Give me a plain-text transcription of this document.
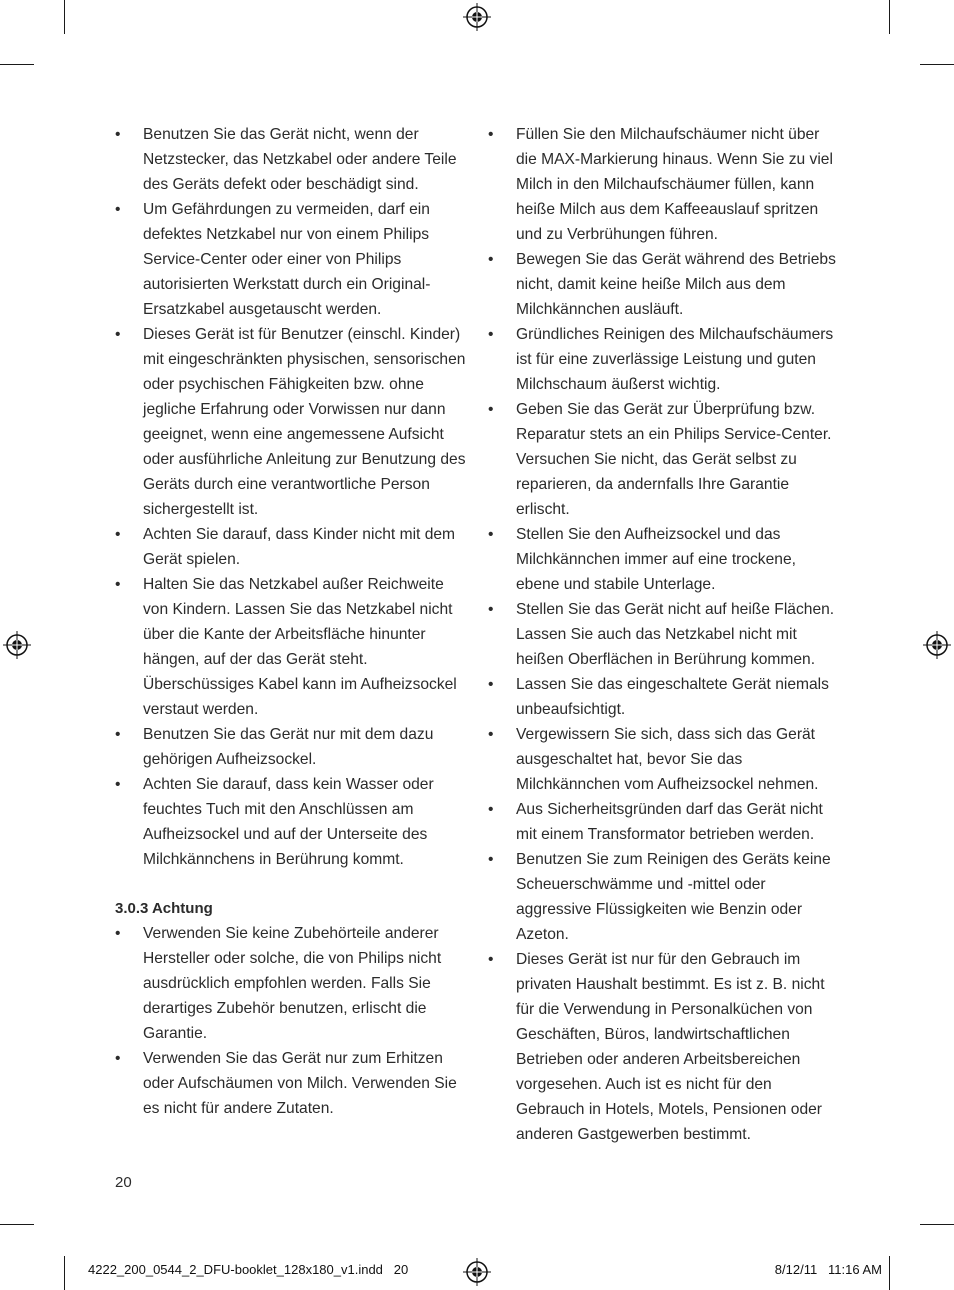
• Benutzen Sie das Gerät nicht, wenn der Netzstecker, das Netzkabel oder andere Teile des Geräts defekt oder beschädigt sind.
• Um Gefährdungen zu vermeiden, darf ein defektes Netzkabel nur von einem Philips Service-Center oder einer von Philips autorisierten Werkstatt durch ein Original-Ersatzkabel ausgetauscht werden.
• Dieses Gerät ist für Benutzer (einschl. Kinder) mit eingeschränkten physischen, sensorischen oder psychischen Fähigkeiten bzw. ohne jegliche Erfahrung oder Vorwissen nur dann geeignet, wenn eine angemessene Aufsicht oder ausführliche Anleitung zur Benutzung des Geräts durch eine verantwortliche Person sichergestellt ist.
• Achten Sie darauf, dass Kinder nicht mit dem Gerät spielen.
• Halten Sie das Netzkabel außer Reichweite von Kindern. Lassen Sie das Netzkabel nicht über die Kante der Arbeitsfläche hinunter hängen, auf der das Gerät steht. Überschüssiges Kabel kann im Aufheizsockel verstaut werden.
• Benutzen Sie das Gerät nur mit dem dazu gehörigen Aufheizsockel.
• Achten Sie darauf, dass kein Wasser oder feuchtes Tuch mit den Anschlüssen am Aufheizsockel und auf der Unterseite des Milchkännchens in Berührung kommt.
3.0.3 Achtung
• Verwenden Sie keine Zubehörteile anderer Hersteller oder solche, die von Philips nicht ausdrücklich empfohlen werden. Falls Sie derartiges Zubehör benutzen, erlischt die Garantie.
• Verwenden Sie das Gerät nur zum Erhitzen oder Aufschäumen von Milch. Verwenden Sie es nicht für andere Zutaten.
• Füllen Sie den Milchaufschäumer nicht über die MAX-Markierung hinaus. Wenn Sie zu viel Milch in den Milchaufschäumer füllen, kann heiße Milch aus dem Kaffeeauslauf spritzen und zu Verbrühungen führen.
• Bewegen Sie das Gerät während des Betriebs nicht, damit keine heiße Milch aus dem Milchkännchen ausläuft.
• Gründliches Reinigen des Milchaufschäumers ist für eine zuverlässige Leistung und guten Milchschaum äußerst wichtig.
• Geben Sie das Gerät zur Überprüfung bzw. Reparatur stets an ein Philips Service-Center. Versuchen Sie nicht, das Gerät selbst zu reparieren, da andernfalls Ihre Garantie erlischt.
• Stellen Sie den Aufheizsockel und das Milchkännchen immer auf eine trockene, ebene und stabile Unterlage.
• Stellen Sie das Gerät nicht auf heiße Flächen. Lassen Sie auch das Netzkabel nicht mit heißen Oberflächen in Berührung kommen.
• Lassen Sie das eingeschaltete Gerät niemals unbeaufsichtigt.
• Vergewissern Sie sich, dass sich das Gerät ausgeschaltet hat, bevor Sie das Milchkännchen vom Aufheizsockel nehmen.
• Aus Sicherheitsgründen darf das Gerät nicht mit einem Transformator betrieben werden.
• Benutzen Sie zum Reinigen des Geräts keine Scheuerschwämme und -mittel oder aggressive Flüssigkeiten wie Benzin oder Azeton.
• Dieses Gerät ist nur für den Gebrauch im privaten Haushalt bestimmt. Es ist z. B. nicht für die Verwendung in Personalküchen von Geschäften, Büros, landwirtschaftlichen Betrieben oder anderen Arbeitsbereichen vorgesehen. Auch ist es nicht für den Gebrauch in Hotels, Motels, Pensionen oder anderen Gastgewerben bestimmt.
20
4222_200_0544_2_DFU-booklet_128x180_v1.indd   20	8/12/11   11:16 AM
